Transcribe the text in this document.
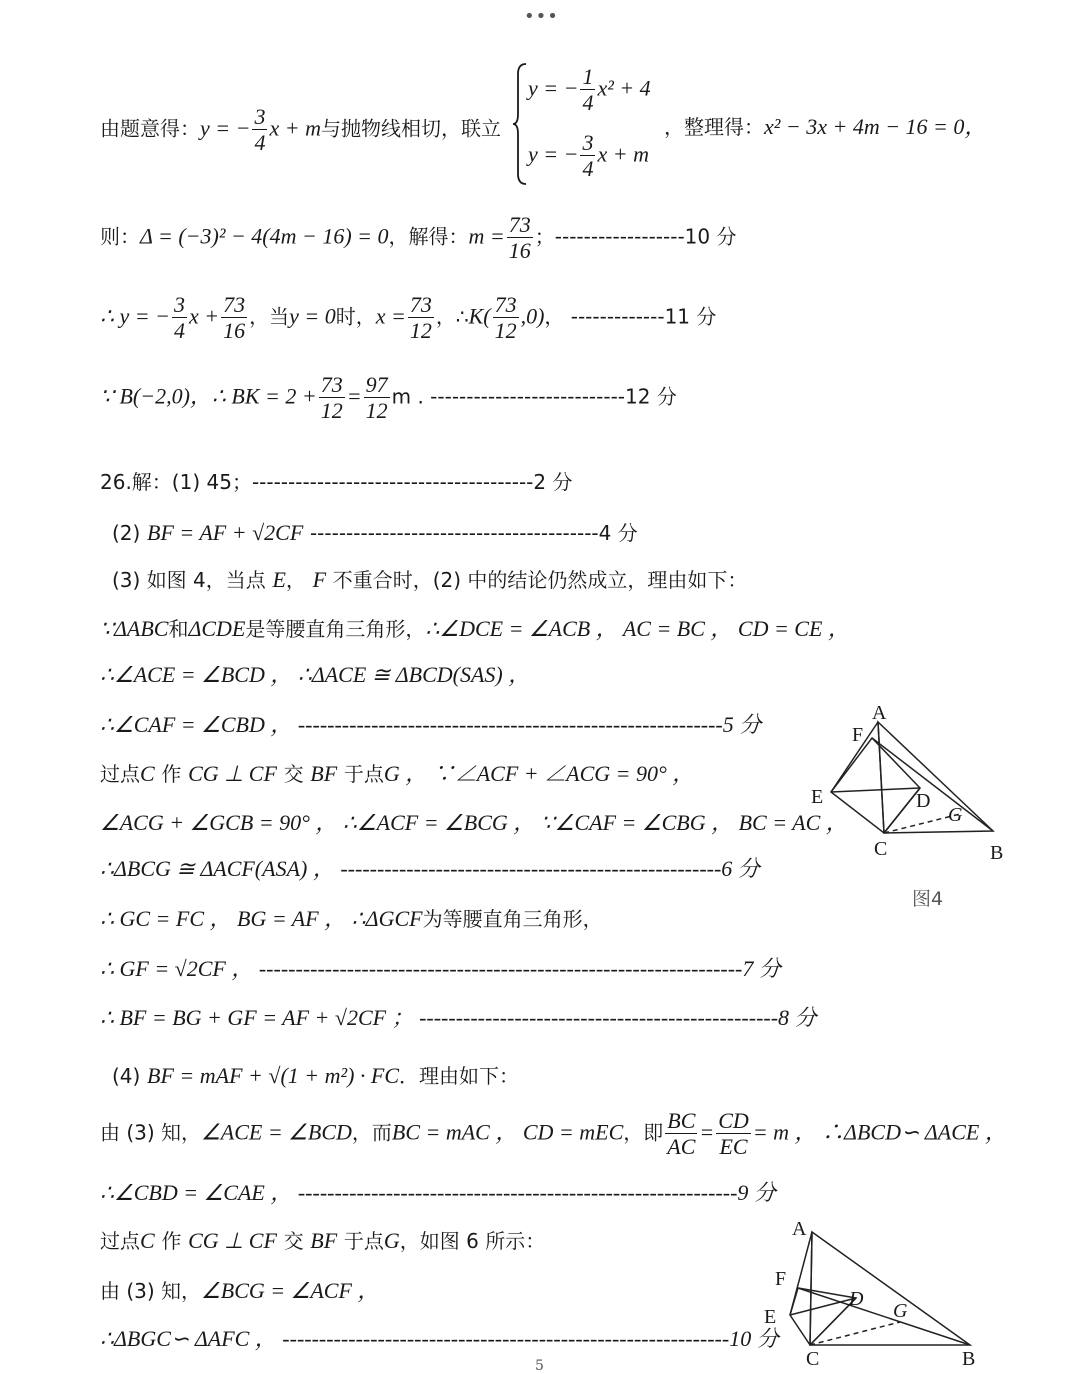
•••
由题意得：y = − $\frac{3}{4}$ x + m与抛物线相切，联立
y = − $\frac{1}{4} x^2 + 4$
y = − $\frac{3}{4}$ x + m
，整理得：x² − 3x + 4m − 16 = 0，
则：Δ = (−3)² − 4(4m − 16) = 0，解得：$m = \frac{73}{16}$ ；------------------10 分
∴ y = − $\frac{3}{4}$ $x + \frac{73}{16}$ ，当y = 0时，$x = \frac{73}{12}$ ，∴K( $\frac{73}{12} ,0$)， -------------11 分
∵ B(−2,0)，∴ BK = $2 + \frac{73}{12} = \frac{97}{12}$ m . ---------------------------12 分
26.解：(1) 45；---------------------------------------2 分
(2) BF = AF + √2CF ----------------------------------------4 分
(3) 如图 4，当点 E， F 不重合时，(2) 中的结论仍然成立，理由如下：
∵ΔABC和ΔCDE是等腰直角三角形，∴∠DCE = ∠ACB ， AC = BC ， CD = CE ，
∴∠ACE = ∠BCD ， ∴ΔACE ≅ ΔBCD(SAS) ，
∴∠CAF = ∠CBD ， ----------------------------------------------------------5 分
过点C 作 CG ⊥ CF 交 BF 于点G ， ∵∠ACF + ∠ACG = 90° ，
∠ACG + ∠GCB = 90° ， ∴∠ACF = ∠BCG ， ∵∠CAF = ∠CBG ， BC = AC ，
∴ΔBCG ≅ ΔACF(ASA) ， ----------------------------------------------------6 分
∴ GC = FC ， BG = AF ， ∴ΔGCF为等腰直角三角形，
∴ GF = √2CF ， ------------------------------------------------------------------7 分
∴ BF = BG + GF = AF + √2CF ； -------------------------------------------------8 分
(4) BF = mAF + √(1 + m²) · FC．理由如下：
由 (3) 知，∠ACE = ∠BCD，而BC = mAC ， CD = mEC，即 $\frac{BC}{AC} = \frac{CD}{EC} = m$ ， ∴ΔBCD∽ ΔACE ，
∴∠CBD = ∠CAE ， ------------------------------------------------------------9 分
过点C 作 CG ⊥ CF 交 BF 于点G，如图 6 所示：
由 (3) 知，∠BCG = ∠ACF ，
∴ΔBGC∽ ΔAFC ， -------------------------------------------------------------10 分
A
F
E	D
G
C	B
图4
A
F
E
D
G
C	B
5
